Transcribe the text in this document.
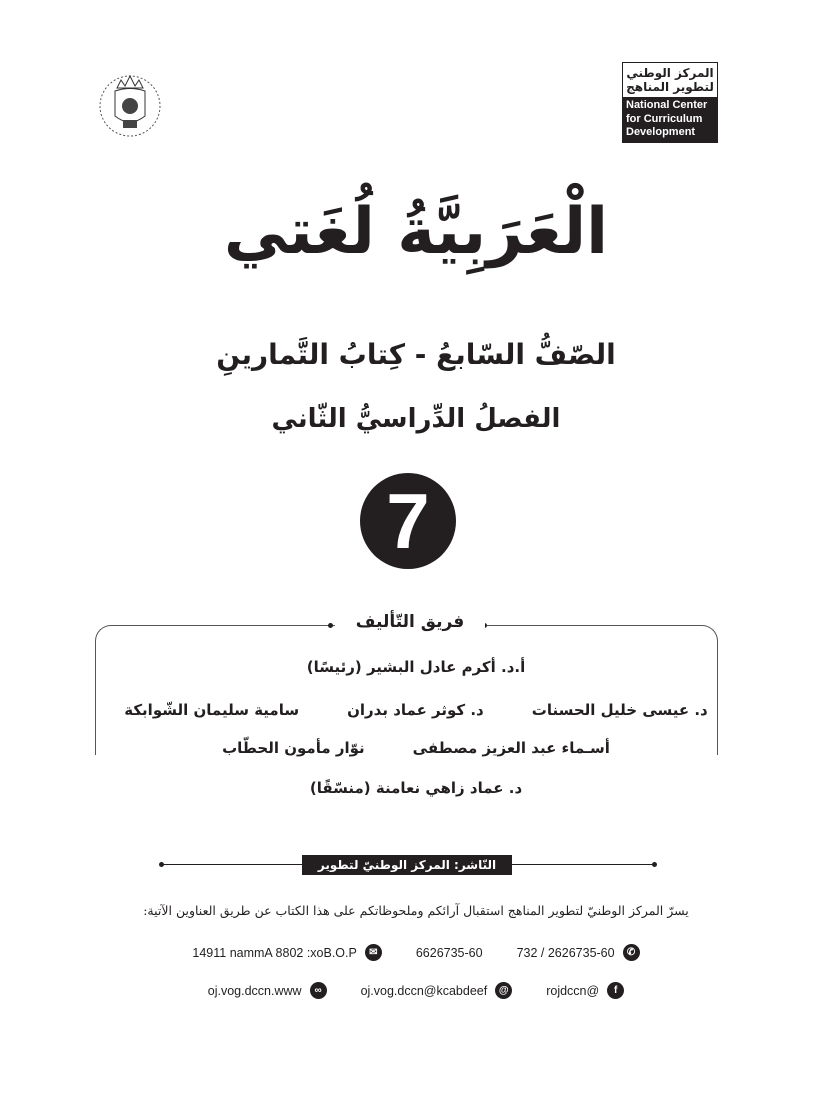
المركز الوطني
لتطوير المناهج
National Center
for Curriculum
Development
الْعَرَبِيَّةُ لُغَتي
الصّفُّ السّابعُ - كِتابُ التَّمارينِ
الفصلُ الدِّراسيُّ الثّاني
7
فريق التّأليف
أ.د. أكرم عادل البشير (رئيسًا)
د. عيسى خليل الحسنات
د. كوثر عماد بدران
سامية سليمان الشّوابكة
أسـماء عبد العزيز مصطفى
نوّار مأمون الحطّاب
د. عماد زاهي نعامنة (منسّقًا)
النّاشر: المركز الوطنيّ لتطوير المناهج
يسرّ المركز الوطنيّ لتطوير المناهج استقبال آرائكم وملحوظاتكم على هذا الكتاب عن طريق العناوين الآتية:
14911 nammA 8802 :xoB.O.P	✉	6626735-60	732 / 2626735-60	✆
oj.vog.dccn.www	∞	oj.vog.dccn@kcabdeef	@	rojdccn@	f
